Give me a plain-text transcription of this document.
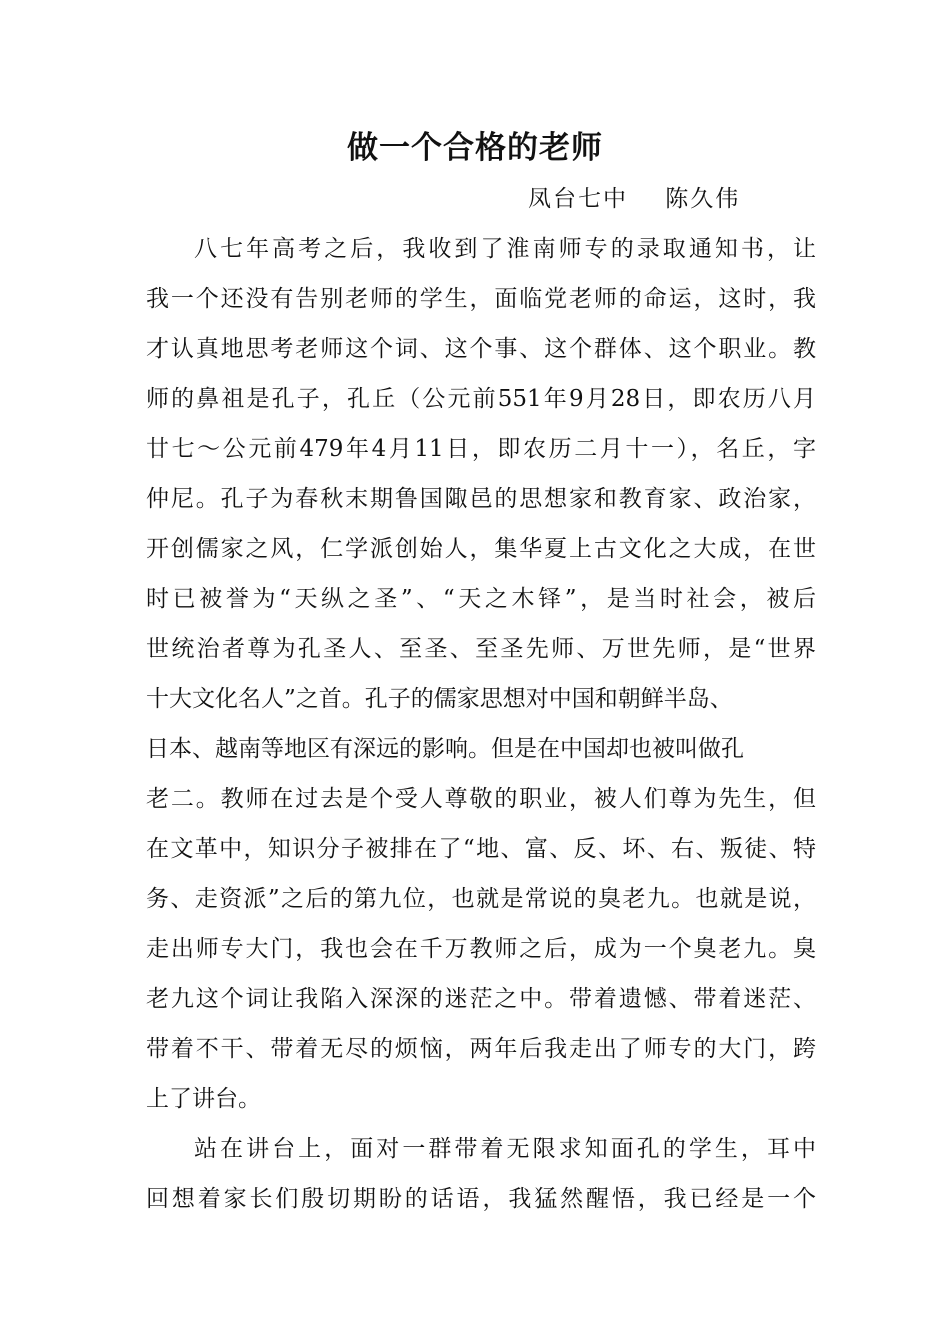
做一个合格的老师
凤台七中    陈久伟
八七年高考之后，我收到了淮南师专的录取通知书，让
我一个还没有告别老师的学生，面临党老师的命运，这时，我
才认真地思考老师这个词、这个事、这个群体、这个职业。教
师的鼻祖是孔子，孔丘（公元前551年9月28日，即农历八月
廿七～公元前479年4月11日，即农历二月十一），名丘，字
仲尼。孔子为春秋末期鲁国陬邑的思想家和教育家、政治家，
开创儒家之风，仁学派创始人，集华夏上古文化之大成，在世
时已被誉为“天纵之圣”、“天之木铎”，是当时社会，被后
世统治者尊为孔圣人、至圣、至圣先师、万世先师，是“世界
十大文化名人”之首。孔子的儒家思想对中国和朝鲜半岛、
日本、越南等地区有深远的影响。但是在中国却也被叫做孔
老二。教师在过去是个受人尊敬的职业，被人们尊为先生，但
在文革中，知识分子被排在了“地、富、反、坏、右、叛徒、特
务、走资派”之后的第九位，也就是常说的臭老九。也就是说，
走出师专大门，我也会在千万教师之后，成为一个臭老九。臭
老九这个词让我陷入深深的迷茫之中。带着遗憾、带着迷茫、
带着不干、带着无尽的烦恼，两年后我走出了师专的大门，跨
上了讲台。
站在讲台上，面对一群带着无限求知面孔的学生，耳中
回想着家长们殷切期盼的话语，我猛然醒悟，我已经是一个
